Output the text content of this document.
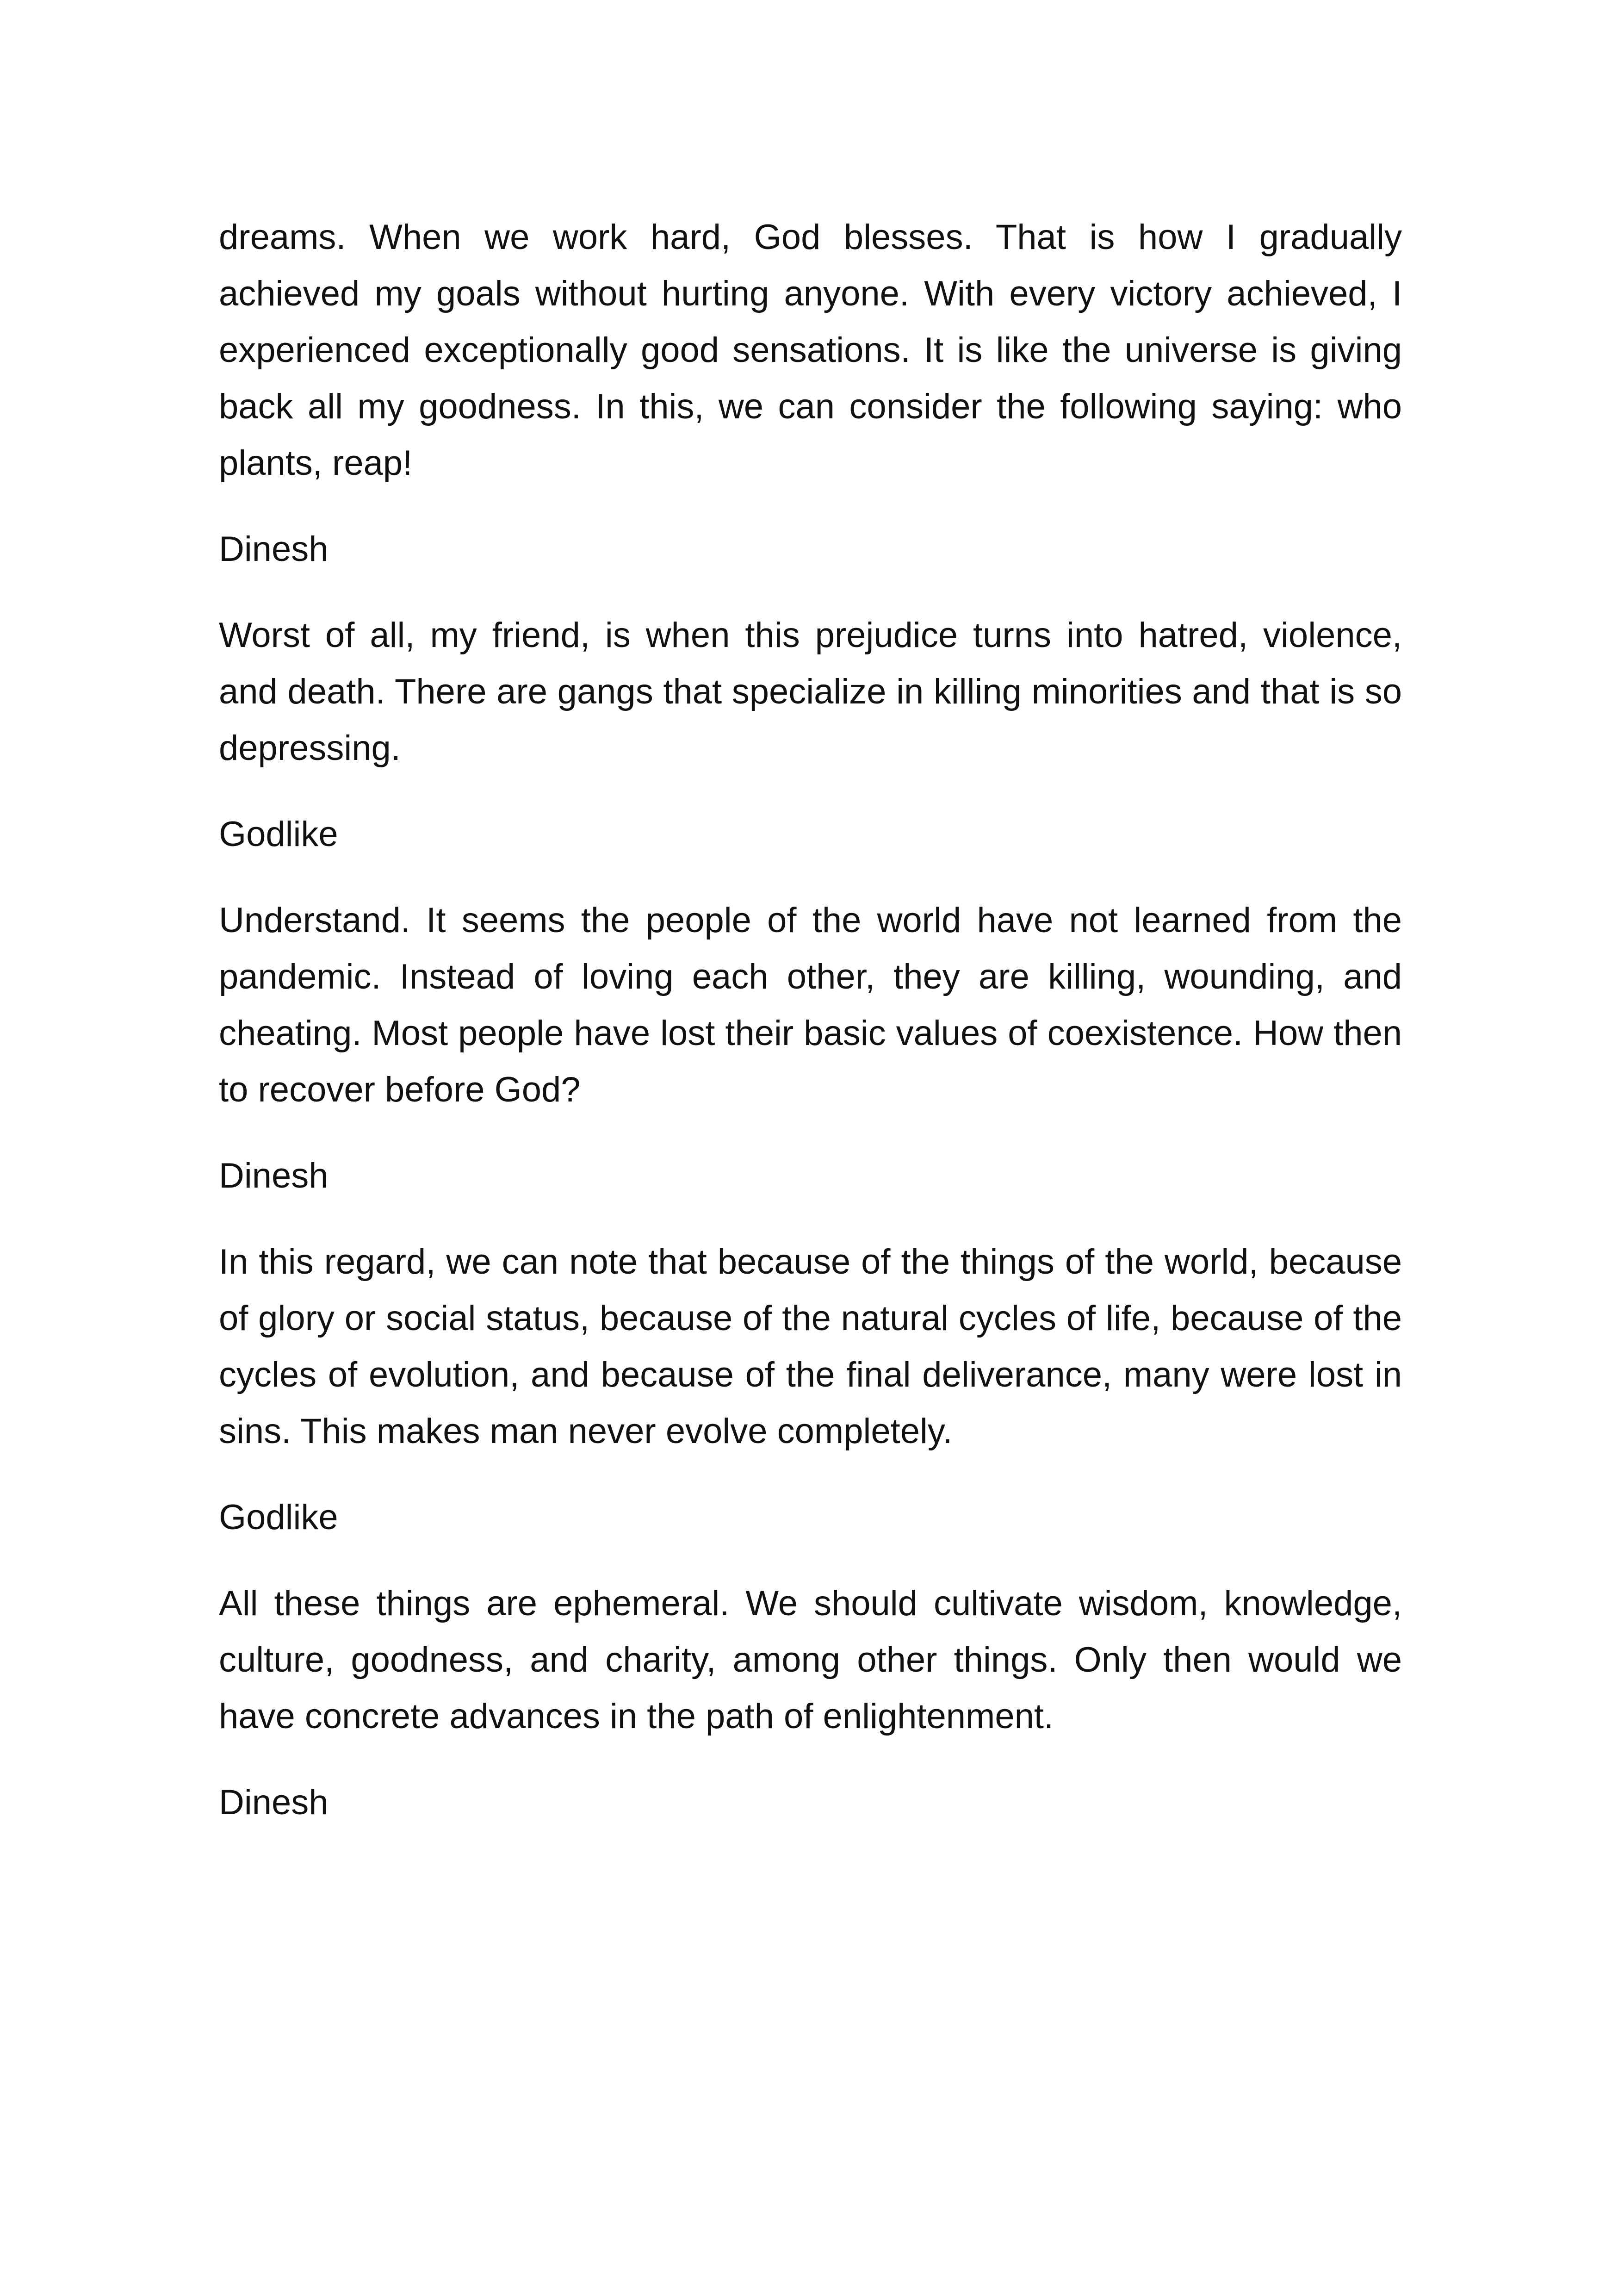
dreams. When we work hard, God blesses. That is how I gradually achieved my goals without hurting anyone. With every victory achieved, I experienced exceptionally good sensations. It is like the universe is giving back all my goodness. In this, we can consider the following saying: who plants, reap!

Dinesh

Worst of all, my friend, is when this prejudice turns into hatred, violence, and death. There are gangs that specialize in killing minorities and that is so depressing.

Godlike

Understand. It seems the people of the world have not learned from the pandemic. Instead of loving each other, they are killing, wounding, and cheating. Most people have lost their basic values of coexistence. How then to recover before God?

Dinesh

In this regard, we can note that because of the things of the world, because of glory or social status, because of the natural cycles of life, because of the cycles of evolution, and because of the final deliverance, many were lost in sins. This makes man never evolve completely.

Godlike

All these things are ephemeral. We should cultivate wisdom, knowledge, culture, goodness, and charity, among other things. Only then would we have concrete advances in the path of enlightenment.

Dinesh
